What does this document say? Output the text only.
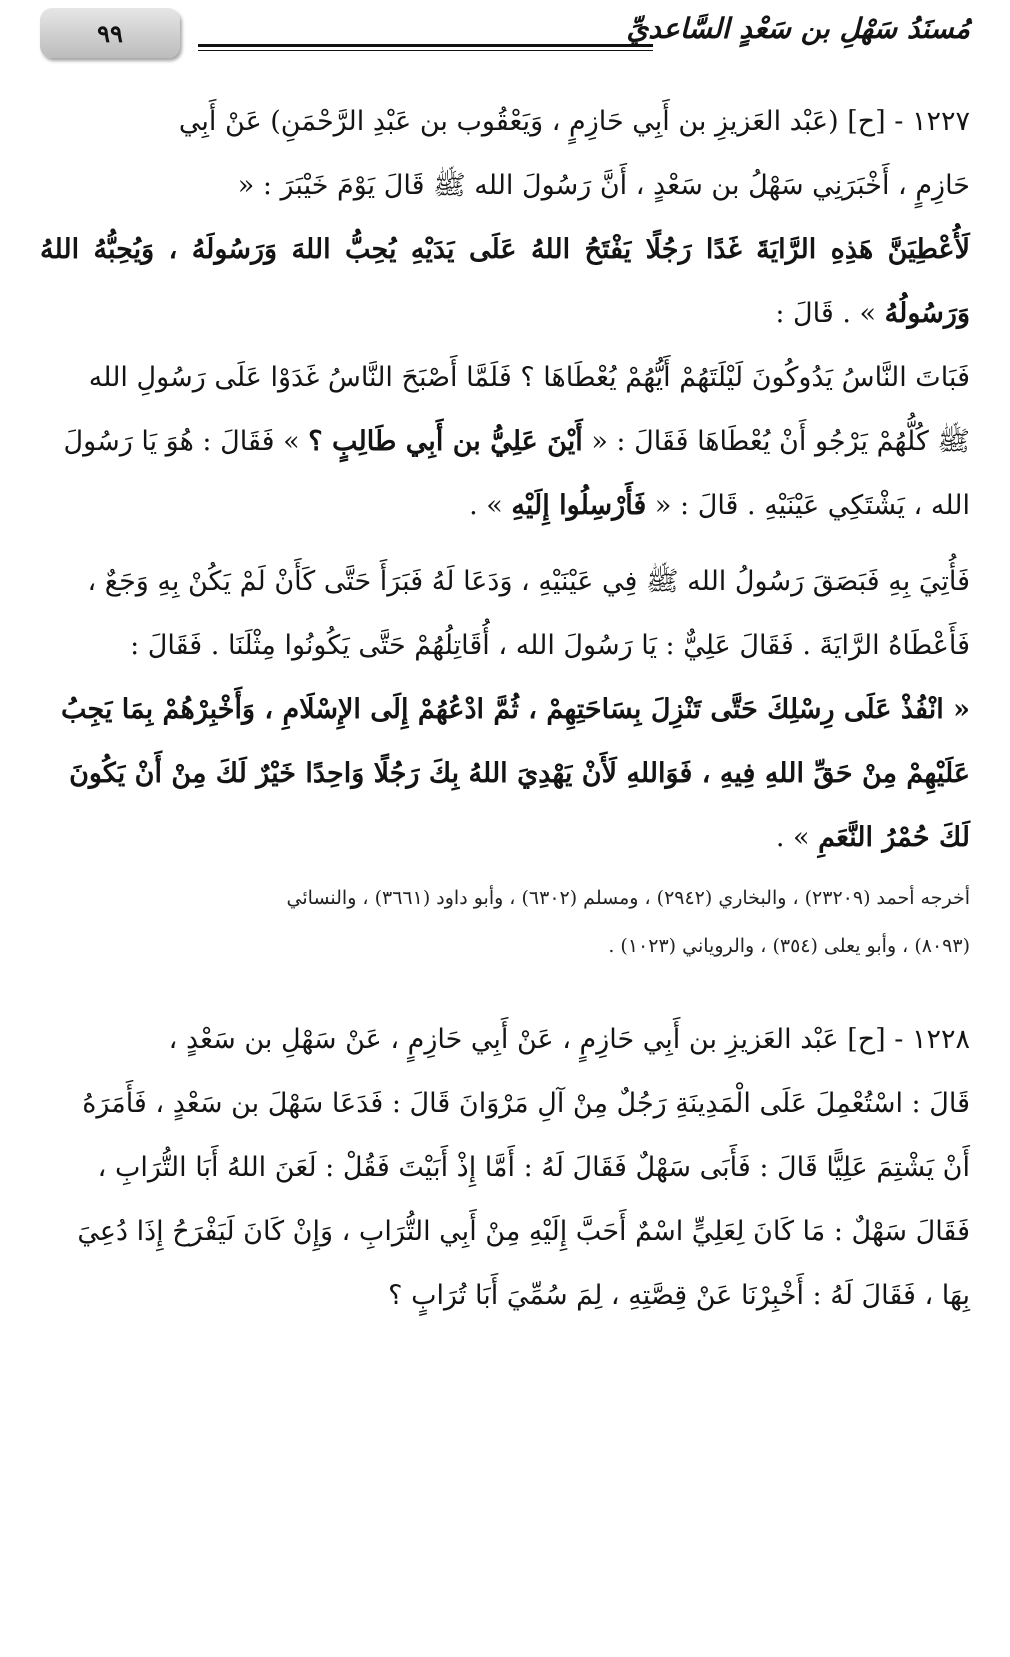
٩٩	مُسنَدُ سَهْلِ بن سَعْدٍ السَّاعديِّ

١٢٢٧ - [ح] (عَبْد العَزيزِ بن أَبِي حَازِمٍ ، وَيَعْقُوب بن عَبْدِ الرَّحْمَنِ) عَنْ أَبِي
حَازِمٍ ، أَخْبَرَنِي سَهْلُ بن سَعْدٍ ، أَنَّ رَسُولَ الله ﷺ قَالَ يَوْمَ خَيْبَرَ : «
لَأُعْطِيَنَّ هَذِهِ الرَّايَةَ غَدًا رَجُلًا يَفْتَحُ اللهُ عَلَى يَدَيْهِ يُحِبُّ اللهَ وَرَسُولَهُ ، وَيُحِبُّهُ اللهُ وَرَسُولُهُ » . قَالَ :
فَبَاتَ النَّاسُ يَدُوكُونَ لَيْلَتَهُمْ أَيُّهُمْ يُعْطَاهَا ؟ فَلَمَّا أَصْبَحَ النَّاسُ غَدَوْا عَلَى رَسُولِ الله
ﷺ كُلُّهُمْ يَرْجُو أَنْ يُعْطَاهَا فَقَالَ : « أَيْنَ عَلِيُّ بن أَبِي طَالِبٍ ؟ » فَقَالَ : هُوَ يَا رَسُولَ
الله ، يَشْتَكِي عَيْنَيْهِ . قَالَ : « فَأَرْسِلُوا إِلَيْهِ » .

فَأُتِيَ بِهِ فَبَصَقَ رَسُولُ الله ﷺ فِي عَيْنَيْهِ ، وَدَعَا لَهُ فَبَرَأَ حَتَّى كَأَنْ لَمْ يَكُنْ بِهِ وَجَعٌ ،
فَأَعْطَاهُ الرَّايَةَ . فَقَالَ عَلِيٌّ : يَا رَسُولَ الله ، أُقَاتِلُهُمْ حَتَّى يَكُونُوا مِثْلَنَا . فَقَالَ :
« انْفُذْ عَلَى رِسْلِكَ حَتَّى تَنْزِلَ بِسَاحَتِهِمْ ، ثُمَّ ادْعُهُمْ إِلَى الإِسْلَامِ ، وَأَخْبِرْهُمْ بِمَا يَجِبُ
عَلَيْهِمْ مِنْ حَقِّ اللهِ فِيهِ ، فَوَاللهِ لَأَنْ يَهْدِيَ اللهُ بِكَ رَجُلًا وَاحِدًا خَيْرٌ لَكَ مِنْ أَنْ يَكُونَ
لَكَ حُمْرُ النَّعَمِ » .

أخرجه أحمد (٢٣٢٠٩) ، والبخاري (٢٩٤٢) ، ومسلم (٦٣٠٢) ، وأبو داود (٣٦٦١) ، والنسائي
(٨٠٩٣) ، وأبو يعلى (٣٥٤) ، والروياني (١٠٢٣) .

١٢٢٨ - [ح] عَبْد العَزيزِ بن أَبِي حَازِمٍ ، عَنْ أَبِي حَازِمٍ ، عَنْ سَهْلِ بن سَعْدٍ ،
قَالَ : اسْتُعْمِلَ عَلَى الْمَدِينَةِ رَجُلٌ مِنْ آلِ مَرْوَانَ قَالَ : فَدَعَا سَهْلَ بن سَعْدٍ ، فَأَمَرَهُ
أَنْ يَشْتِمَ عَلِيًّا قَالَ : فَأَبَى سَهْلٌ فَقَالَ لَهُ : أَمَّا إِذْ أَبَيْتَ فَقُلْ : لَعَنَ اللهُ أَبَا التُّرَابِ ،
فَقَالَ سَهْلٌ : مَا كَانَ لِعَلِيٍّ اسْمٌ أَحَبَّ إِلَيْهِ مِنْ أَبِي التُّرَابِ ، وَإِنْ كَانَ لَيَفْرَحُ إِذَا دُعِيَ
بِهَا ، فَقَالَ لَهُ : أَخْبِرْنَا عَنْ قِصَّتِهِ ، لِمَ سُمِّيَ أَبَا تُرَابٍ ؟
